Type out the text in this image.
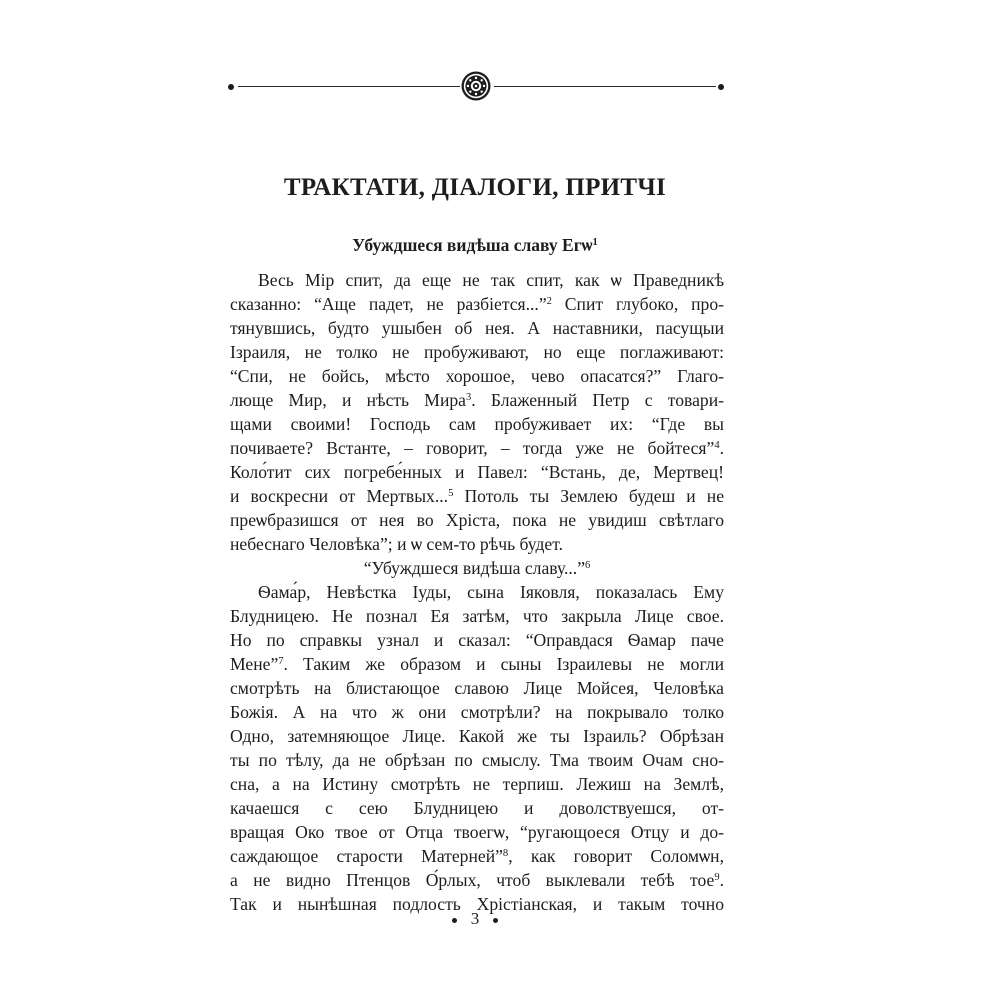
ТРАКТАТИ, ДІАЛОГИ, ПРИТЧІ
Убуждшеся видѣша славу Егѡ$^1$
Весь Мір спит, да еще не так спит, как ѡ Праведникѣ
сказанно: “Аще падет, не разбіется...”$^2$ Спит глубоко, про-
тянувшись, будто ушыбен об нея. А наставники, пасущыи
Ізраиля, не толко не пробуживают, но еще поглаживают:
“Спи, не бойсь, мѣсто хорошое, чево опасатся?” Глаго-
люще Мир, и нѣсть Мира$^3$. Блаженный Петр с товари-
щами своими! Господь сам пробуживает их: “Где вы
почиваете? Встанте, – говорит, – тогда уже не бойтеся”$^4$.
Коло́тит сих погребе́нных и Павел: “Встань, де, Мертвец!
и воскресни от Мертвых...$^5$ Потоль ты Землею будеш и не
преѡбразишся от нея во Хріста, пока не увидиш свѣтлаго
небеснаго Человѣка”; и ѡ сем-то рѣчь будет.
“Убуждшеся видѣша славу...”$^6$
Ѳама́р, Невѣстка Іуды, сына Іяковля, показалась Ему
Блудницею. Не познал Ея затѣм, что закрыла Лице свое.
Но по справкы узнал и сказал: “Оправдася Ѳамар паче
Мене”$^7$. Таким же образом и сыны Ізраилевы не могли
смотрѣть на блистающое славою Лице Мойсея, Человѣка
Божія. А на что ж они смотрѣли? на покрывало толко
Одно, затемняющое Лице. Какой же ты Ізраиль? Обрѣзан
ты по тѣлу, да не обрѣзан по смыслу. Тма твоим Очам сно-
сна, а на Истину смотрѣть не терпиш. Лежиш на Землѣ,
качаешся с сею Блудницею и доволствуешся, от-
вращая Око твое от Отца твоегѡ, “ругающоеся Отцу и до-
саждающое старости Матерней”$^8$, как говорит Соломѡн,
а не видно Птенцов О́рлых, чтоб выклевали тебѣ тое$^9$.
Так и нынѣшная подлость Хрістіанская, и такым точно
3
